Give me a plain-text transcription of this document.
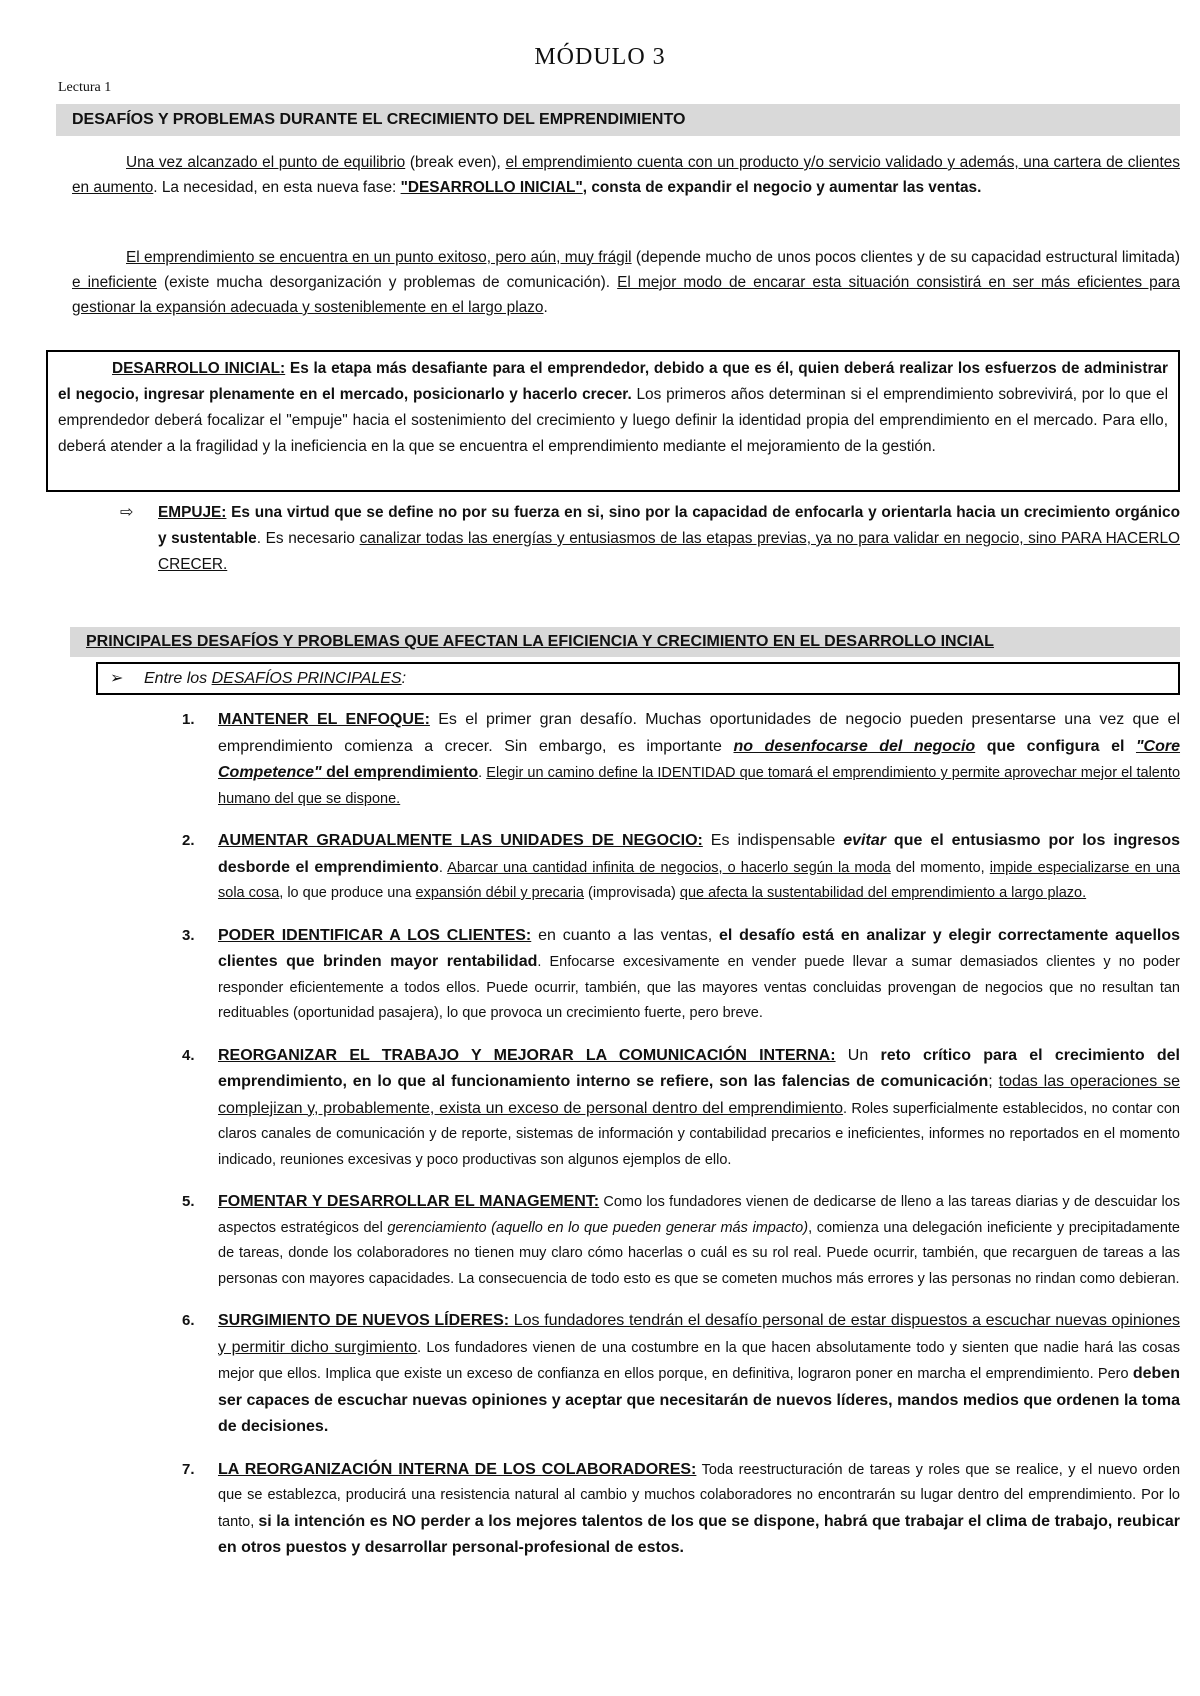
MÓDULO 3
Lectura 1
DESAFÍOS Y PROBLEMAS DURANTE EL CRECIMIENTO DEL EMPRENDIMIENTO
Una vez alcanzado el punto de equilibrio (break even), el emprendimiento cuenta con un producto y/o servicio validado y además, una cartera de clientes en aumento. La necesidad, en esta nueva fase: "DESARROLLO INICIAL", consta de expandir el negocio y aumentar las ventas.
El emprendimiento se encuentra en un punto exitoso, pero aún, muy frágil (depende mucho de unos pocos clientes y de su capacidad estructural limitada) e ineficiente (existe mucha desorganización y problemas de comunicación). El mejor modo de encarar esta situación consistirá en ser más eficientes para gestionar la expansión adecuada y sosteniblemente en el largo plazo.
DESARROLLO INICIAL: Es la etapa más desafiante para el emprendedor, debido a que es él, quien deberá realizar los esfuerzos de administrar el negocio, ingresar plenamente en el mercado, posicionarlo y hacerlo crecer. Los primeros años determinan si el emprendimiento sobrevivirá, por lo que el emprendedor deberá focalizar el "empuje" hacia el sostenimiento del crecimiento y luego definir la identidad propia del emprendimiento en el mercado. Para ello, deberá atender a la fragilidad y la ineficiencia en la que se encuentra el emprendimiento mediante el mejoramiento de la gestión.
⇨ EMPUJE: Es una virtud que se define no por su fuerza en si, sino por la capacidad de enfocarla y orientarla hacia un crecimiento orgánico y sustentable. Es necesario canalizar todas las energías y entusiasmos de las etapas previas, ya no para validar en negocio, sino PARA HACERLO CRECER.
PRINCIPALES DESAFÍOS Y PROBLEMAS QUE AFECTAN LA EFICIENCIA Y CRECIMIENTO EN EL DESARROLLO INCIAL
➢ Entre los DESAFÍOS PRINCIPALES:
1. MANTENER EL ENFOQUE: Es el primer gran desafío. Muchas oportunidades de negocio pueden presentarse una vez que el emprendimiento comienza a crecer. Sin embargo, es importante no desenfocarse del negocio que configura el "Core Competence" del emprendimiento. Elegir un camino define la IDENTIDAD que tomará el emprendimiento y permite aprovechar mejor el talento humano del que se dispone.
2. AUMENTAR GRADUALMENTE LAS UNIDADES DE NEGOCIO: Es indispensable evitar que el entusiasmo por los ingresos desborde el emprendimiento. Abarcar una cantidad infinita de negocios, o hacerlo según la moda del momento, impide especializarse en una sola cosa, lo que produce una expansión débil y precaria (improvisada) que afecta la sustentabilidad del emprendimiento a largo plazo.
3. PODER IDENTIFICAR A LOS CLIENTES: en cuanto a las ventas, el desafío está en analizar y elegir correctamente aquellos clientes que brinden mayor rentabilidad. Enfocarse excesivamente en vender puede llevar a sumar demasiados clientes y no poder responder eficientemente a todos ellos. Puede ocurrir, también, que las mayores ventas concluidas provengan de negocios que no resultan tan redituables (oportunidad pasajera), lo que provoca un crecimiento fuerte, pero breve.
4. REORGANIZAR EL TRABAJO Y MEJORAR LA COMUNICACIÓN INTERNA: Un reto crítico para el crecimiento del emprendimiento, en lo que al funcionamiento interno se refiere, son las falencias de comunicación; todas las operaciones se complejizan y, probablemente, exista un exceso de personal dentro del emprendimiento. Roles superficialmente establecidos, no contar con claros canales de comunicación y de reporte, sistemas de información y contabilidad precarios e ineficientes, informes no reportados en el momento indicado, reuniones excesivas y poco productivas son algunos ejemplos de ello.
5. FOMENTAR Y DESARROLLAR EL MANAGEMENT: Como los fundadores vienen de dedicarse de lleno a las tareas diarias y de descuidar los aspectos estratégicos del gerenciamiento (aquello en lo que pueden generar más impacto), comienza una delegación ineficiente y precipitadamente de tareas, donde los colaboradores no tienen muy claro cómo hacerlas o cuál es su rol real. Puede ocurrir, también, que recarguen de tareas a las personas con mayores capacidades. La consecuencia de todo esto es que se cometen muchos más errores y las personas no rindan como debieran.
6. SURGIMIENTO DE NUEVOS LÍDERES: Los fundadores tendrán el desafío personal de estar dispuestos a escuchar nuevas opiniones y permitir dicho surgimiento. Los fundadores vienen de una costumbre en la que hacen absolutamente todo y sienten que nadie hará las cosas mejor que ellos. Implica que existe un exceso de confianza en ellos porque, en definitiva, lograron poner en marcha el emprendimiento. Pero deben ser capaces de escuchar nuevas opiniones y aceptar que necesitarán de nuevos líderes, mandos medios que ordenen la toma de decisiones.
7. LA REORGANIZACIÓN INTERNA DE LOS COLABORADORES: Toda reestructuración de tareas y roles que se realice, y el nuevo orden que se establezca, producirá una resistencia natural al cambio y muchos colaboradores no encontrarán su lugar dentro del emprendimiento. Por lo tanto, si la intención es NO perder a los mejores talentos de los que se dispone, habrá que trabajar el clima de trabajo, reubicar en otros puestos y desarrollar personal-profesional de estos.
